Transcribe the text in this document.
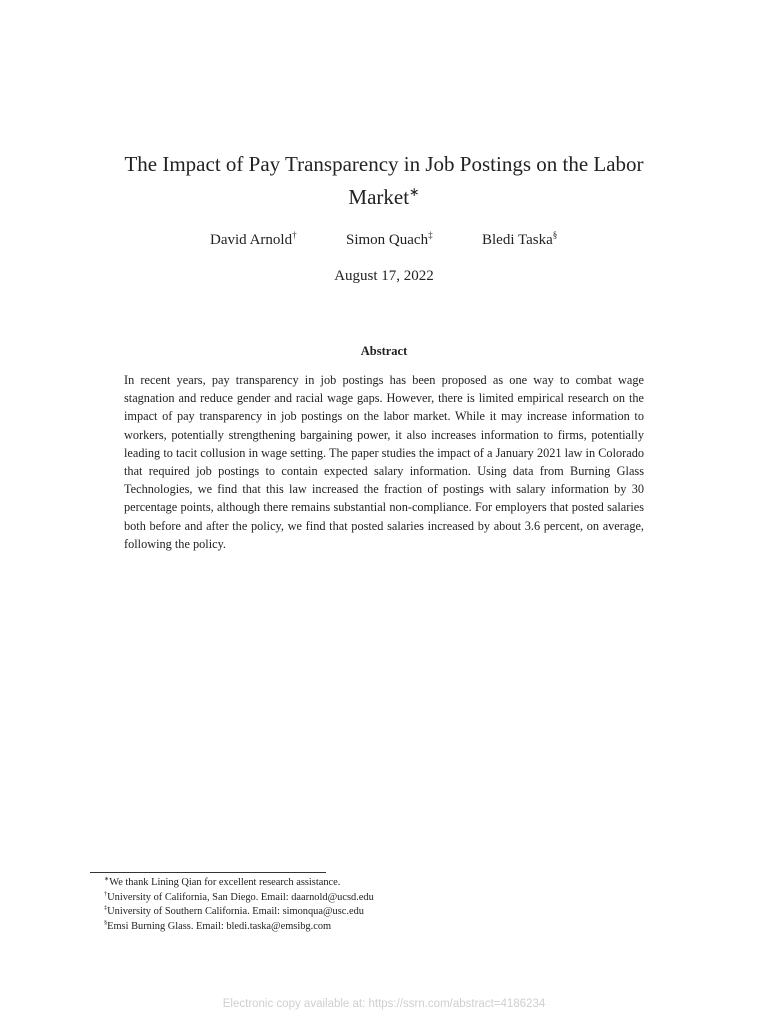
The Impact of Pay Transparency in Job Postings on the Labor Market∗
David Arnold†	Simon Quach‡	Bledi Taska§
August 17, 2022
Abstract
In recent years, pay transparency in job postings has been proposed as one way to combat wage stagnation and reduce gender and racial wage gaps. However, there is limited empirical research on the impact of pay transparency in job postings on the labor market. While it may increase information to workers, potentially strengthening bargaining power, it also increases information to firms, potentially leading to tacit collusion in wage setting. The paper studies the impact of a January 2021 law in Colorado that required job postings to contain expected salary information. Using data from Burning Glass Technologies, we find that this law increased the fraction of postings with salary information by 30 percentage points, although there remains substantial non-compliance. For employers that posted salaries both before and after the policy, we find that posted salaries increased by about 3.6 percent, on average, following the policy.
∗We thank Lining Qian for excellent research assistance.
†University of California, San Diego. Email: daarnold@ucsd.edu
‡University of Southern California. Email: simonqua@usc.edu
§Emsi Burning Glass. Email: bledi.taska@emsibg.com
Electronic copy available at: https://ssrn.com/abstract=4186234
